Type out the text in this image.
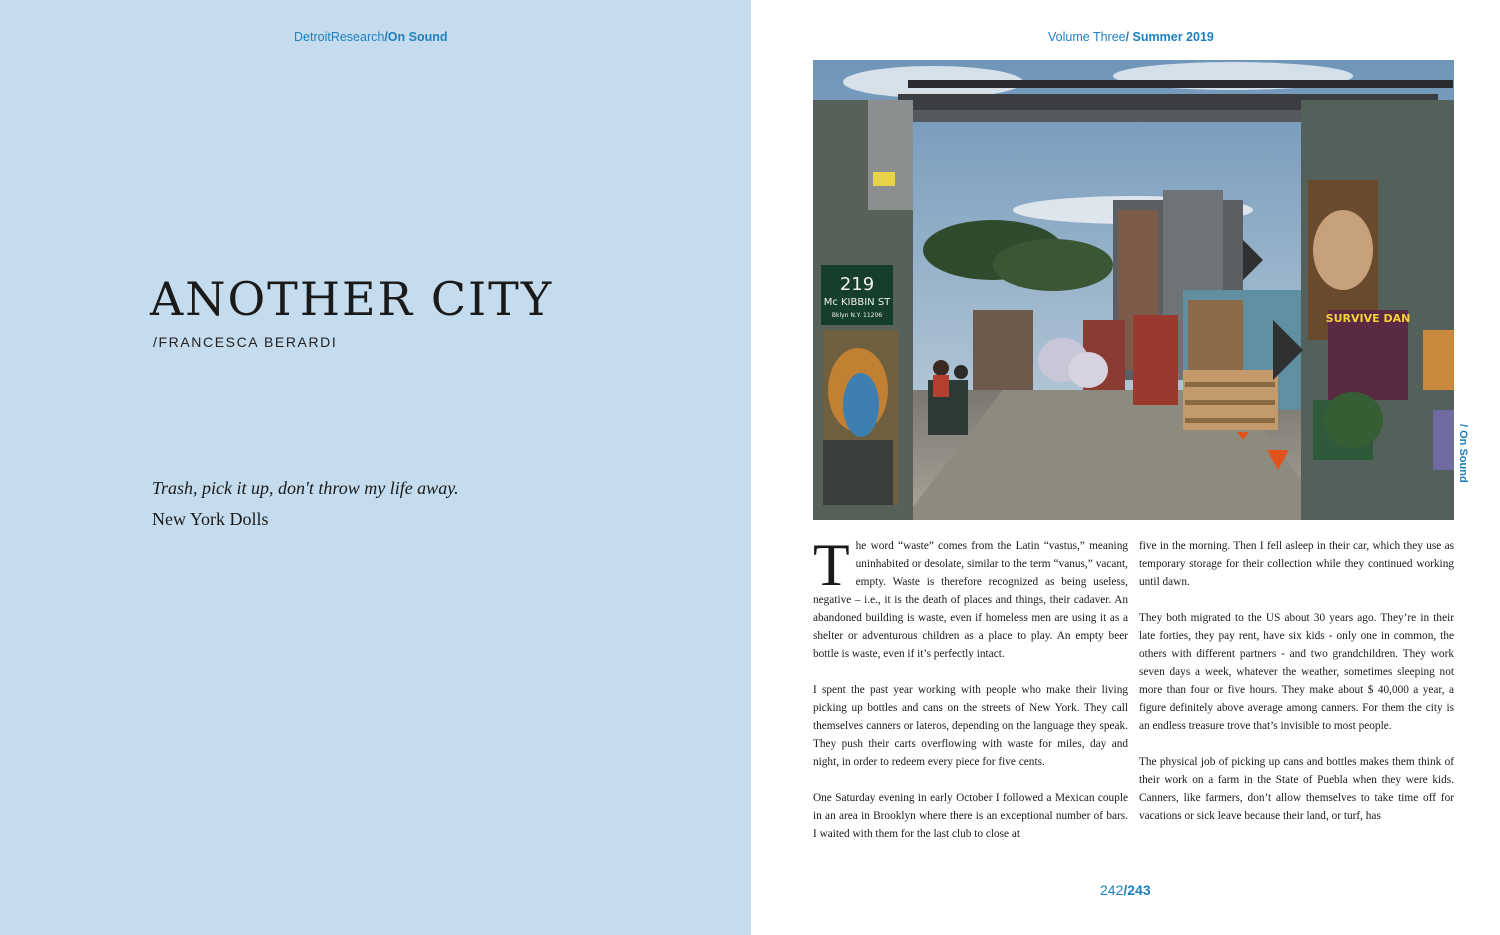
DetroitResearch/On Sound
ANOTHER CITY
/FRANCESCA BERARDI
Trash, pick it up, don't throw my life away.
New York Dolls
Volume Three/ Summer 2019
219
Mc KIBBIN ST
Bklyn N.Y. 11206	SURVIVE DAN
/ On Sound

The word “waste” comes from the Latin “vastus,” meaning uninhabited or desolate, similar to the term “vanus,” vacant, empty. Waste is therefore recognized as being useless, negative – i.e., it is the death of places and things, their cadaver. An abandoned building is waste, even if homeless men are using it as a shelter or adventurous children as a place to play. An empty beer bottle is waste, even if it’s perfectly intact.

I spent the past year working with people who make their living picking up bottles and cans on the streets of New York. They call themselves canners or lateros, depending on the language they speak. They push their carts overflowing with waste for miles, day and night, in order to redeem every piece for five cents.

One Saturday evening in early October I followed a Mexican couple in an area in Brooklyn where there is an exceptional number of bars. I waited with them for the last club to close at

five in the morning. Then I fell asleep in their car, which they use as temporary storage for their collection while they continued working until dawn.

They both migrated to the US about 30 years ago. They’re in their late forties, they pay rent, have six kids - only one in common, the others with different partners - and two grandchildren. They work seven days a week, whatever the weather, sometimes sleeping not more than four or five hours. They make about $ 40,000 a year, a figure definitely above average among canners. For them the city is an endless treasure trove that’s invisible to most people.

The physical job of picking up cans and bottles makes them think of their work on a farm in the State of Puebla when they were kids. Canners, like farmers, don’t allow themselves to take time off for vacations or sick leave because their land, or turf, has

242/243
